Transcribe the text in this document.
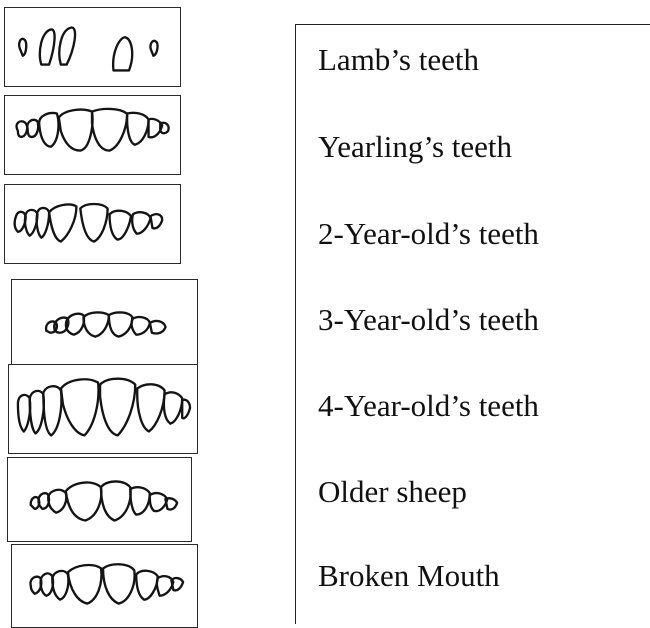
Lamb’s teeth
Yearling’s teeth
2-Year-old’s teeth
3-Year-old’s teeth
4-Year-old’s teeth
Older sheep
Broken Mouth
